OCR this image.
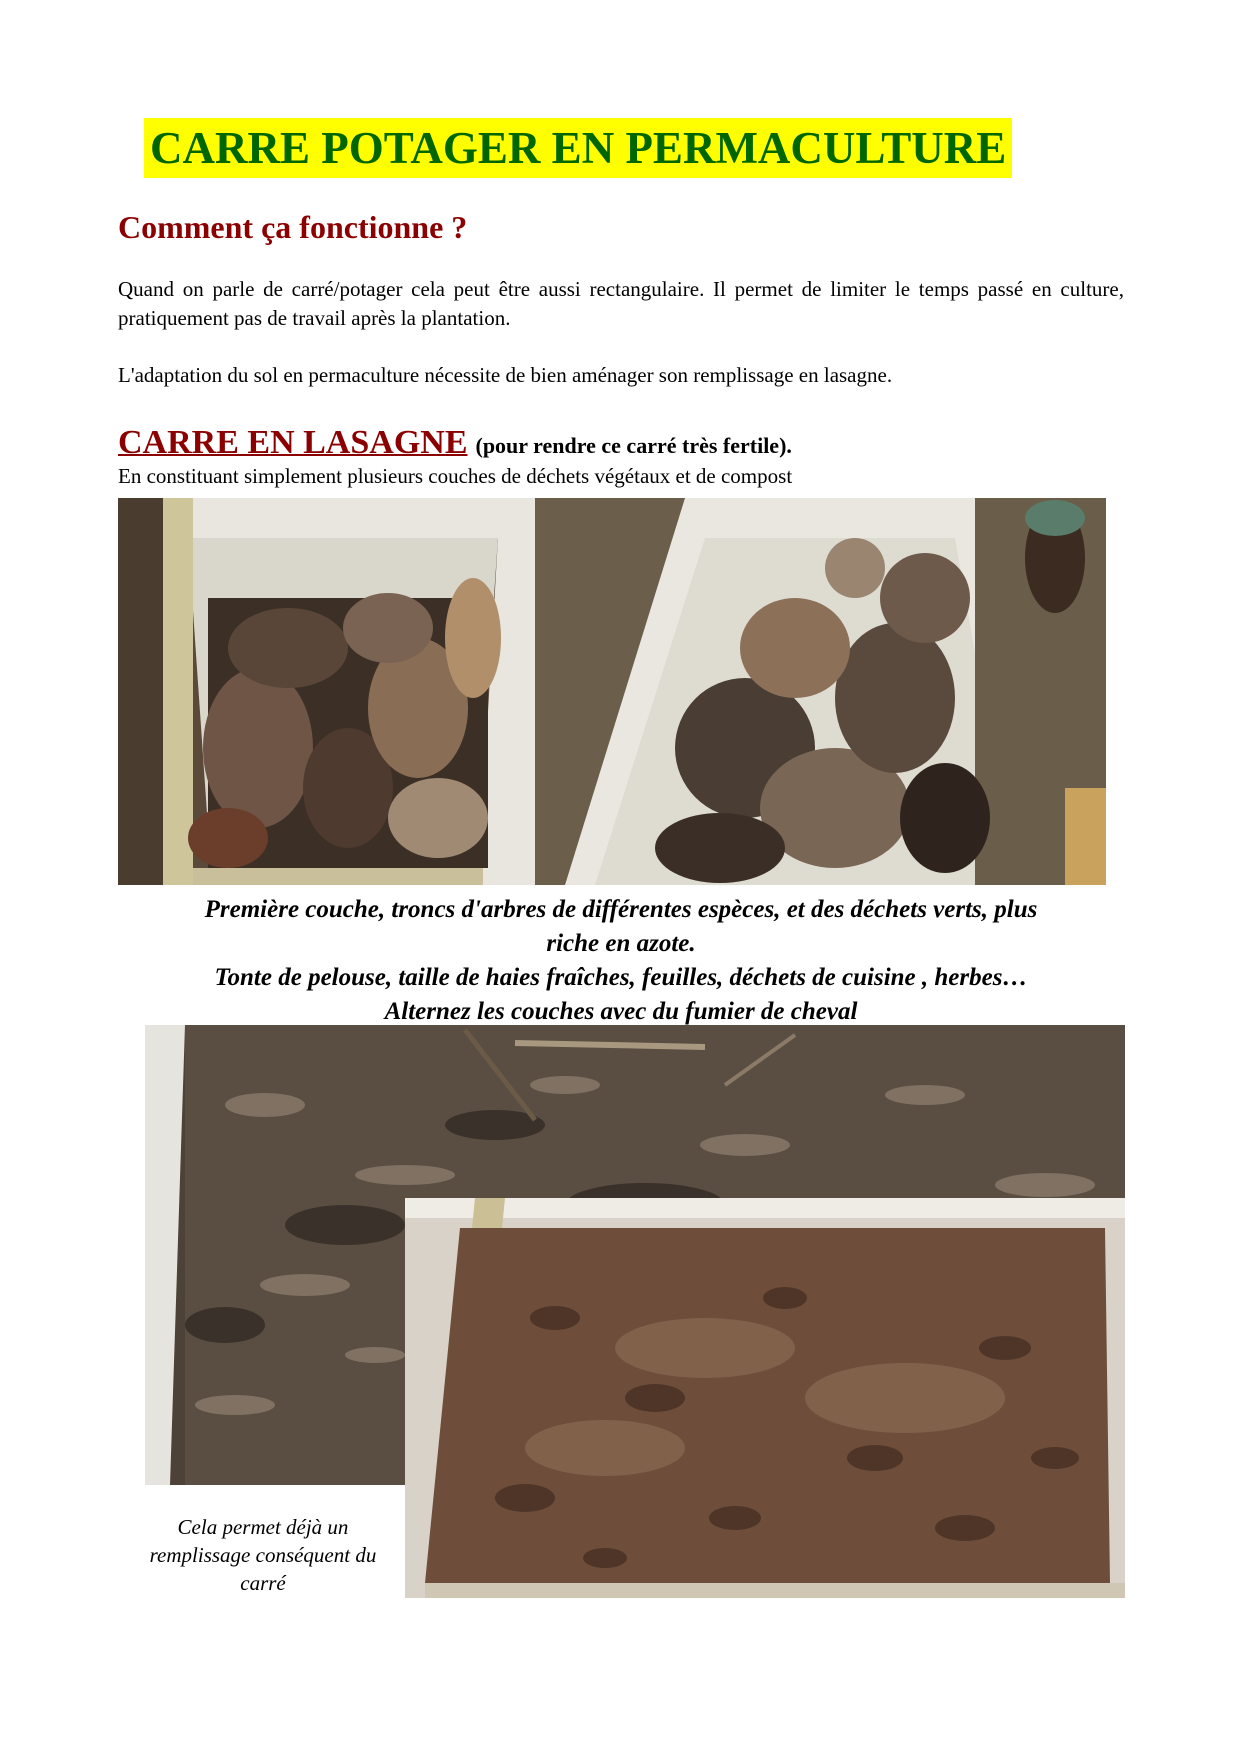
CARRE POTAGER EN PERMACULTURE
Comment ça fonctionne ?
Quand on parle de carré/potager cela peut être aussi rectangulaire. Il permet de limiter le temps passé en culture, pratiquement pas de travail après la plantation.
L'adaptation du sol en permaculture nécessite de bien aménager son remplissage en lasagne.
CARRE EN LASAGNE (pour rendre ce carré très fertile).
En constituant simplement plusieurs couches de déchets végétaux et de compost
Première couche, troncs d'arbres de différentes espèces, et des déchets verts, plus
riche en azote.
Tonte de pelouse, taille de haies fraîches, feuilles, déchets de cuisine , herbes…
Alternez les couches avec du fumier de cheval
Cela permet déjà un
remplissage conséquent du
carré
